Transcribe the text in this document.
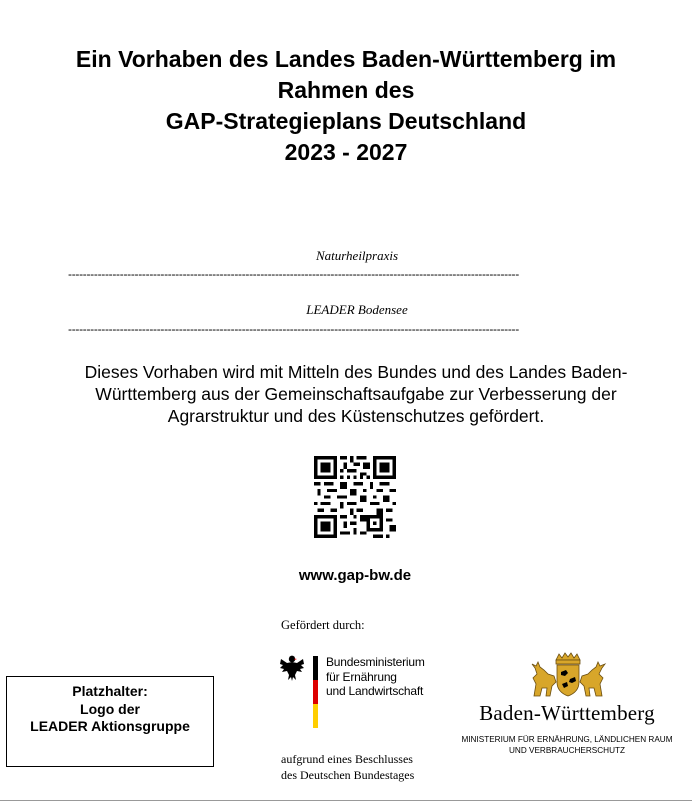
Ein Vorhaben des Landes Baden-Württemberg im
Rahmen des
GAP-Strategieplans Deutschland
2023 - 2027
Naturheilpraxis
--------------------------------------------------------------------------------------------------------------------------
LEADER Bodensee
--------------------------------------------------------------------------------------------------------------------------
Dieses Vorhaben wird mit Mitteln des Bundes und des Landes Baden-
Württemberg aus der Gemeinschaftsaufgabe zur Verbesserung der
Agrarstruktur und des Küstenschutzes gefördert.
www.gap-bw.de
Gefördert durch:
Bundesministerium
für Ernährung
und Landwirtschaft
aufgrund eines Beschlusses
des Deutschen Bundestages
Baden-Württemberg
MINISTERIUM FÜR ERNÄHRUNG, LÄNDLICHEN RAUM
UND VERBRAUCHERSCHUTZ
Platzhalter:
Logo der
LEADER Aktionsgruppe
